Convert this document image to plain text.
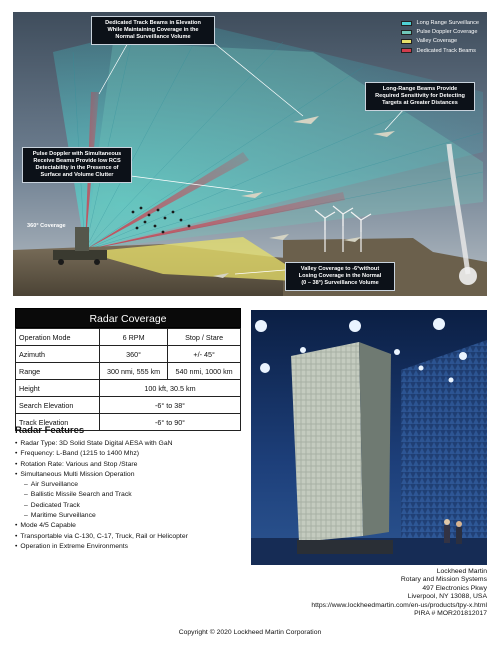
Long Range Surveillance
Pulse Doppler Coverage
Valley Coverage
Dedicated Track Beams
Dedicated Track Beams in Elevation
While Maintaining Coverage in the
Normal Surveillance Volume
Long-Range Beams Provide
Required Sensitivity for Detecting
Targets at Greater Distances
Pulse Doppler with Simultaneous
Receive Beams Provide low RCS
Detectability in the Presence of
Surface and Volume Clutter
Valley Coverage to -6°without
Losing Coverage in the Normal
(0 – 38°) Surveillance Volume
360° Coverage
Radar Coverage
Operation Mode	6 RPM	Stop / Stare
Azimuth	360°	+/- 45°
Range	300 nmi, 555 km	540 nmi, 1000 km
Height	100 kft, 30.5 km	
Search Elevation	-6° to 38°	
Track Elevation	-6° to 90°	
Radar Features
• Radar Type: 3D Solid State Digital AESA with GaN
• Frequency: L-Band (1215 to 1400 Mhz)
• Rotation Rate: Various and Stop /Stare
• Simultaneous Multi Mission Operation
– Air Surveillance
– Ballistic Missile Search and Track
– Dedicated Track
– Maritime Surveillance
• Mode 4/5 Capable
• Transportable via C-130, C-17, Truck, Rail or Helicopter
• Operation in Extreme Environments
Lockheed Martin
Rotary and Mission Systems
497 Electronics Pkwy
Liverpool, NY 13088, USA
https://www.lockheedmartin.com/en-us/products/tpy-x.html
PIRA # MOR201812017
Copyright © 2020 Lockheed Martin Corporation
